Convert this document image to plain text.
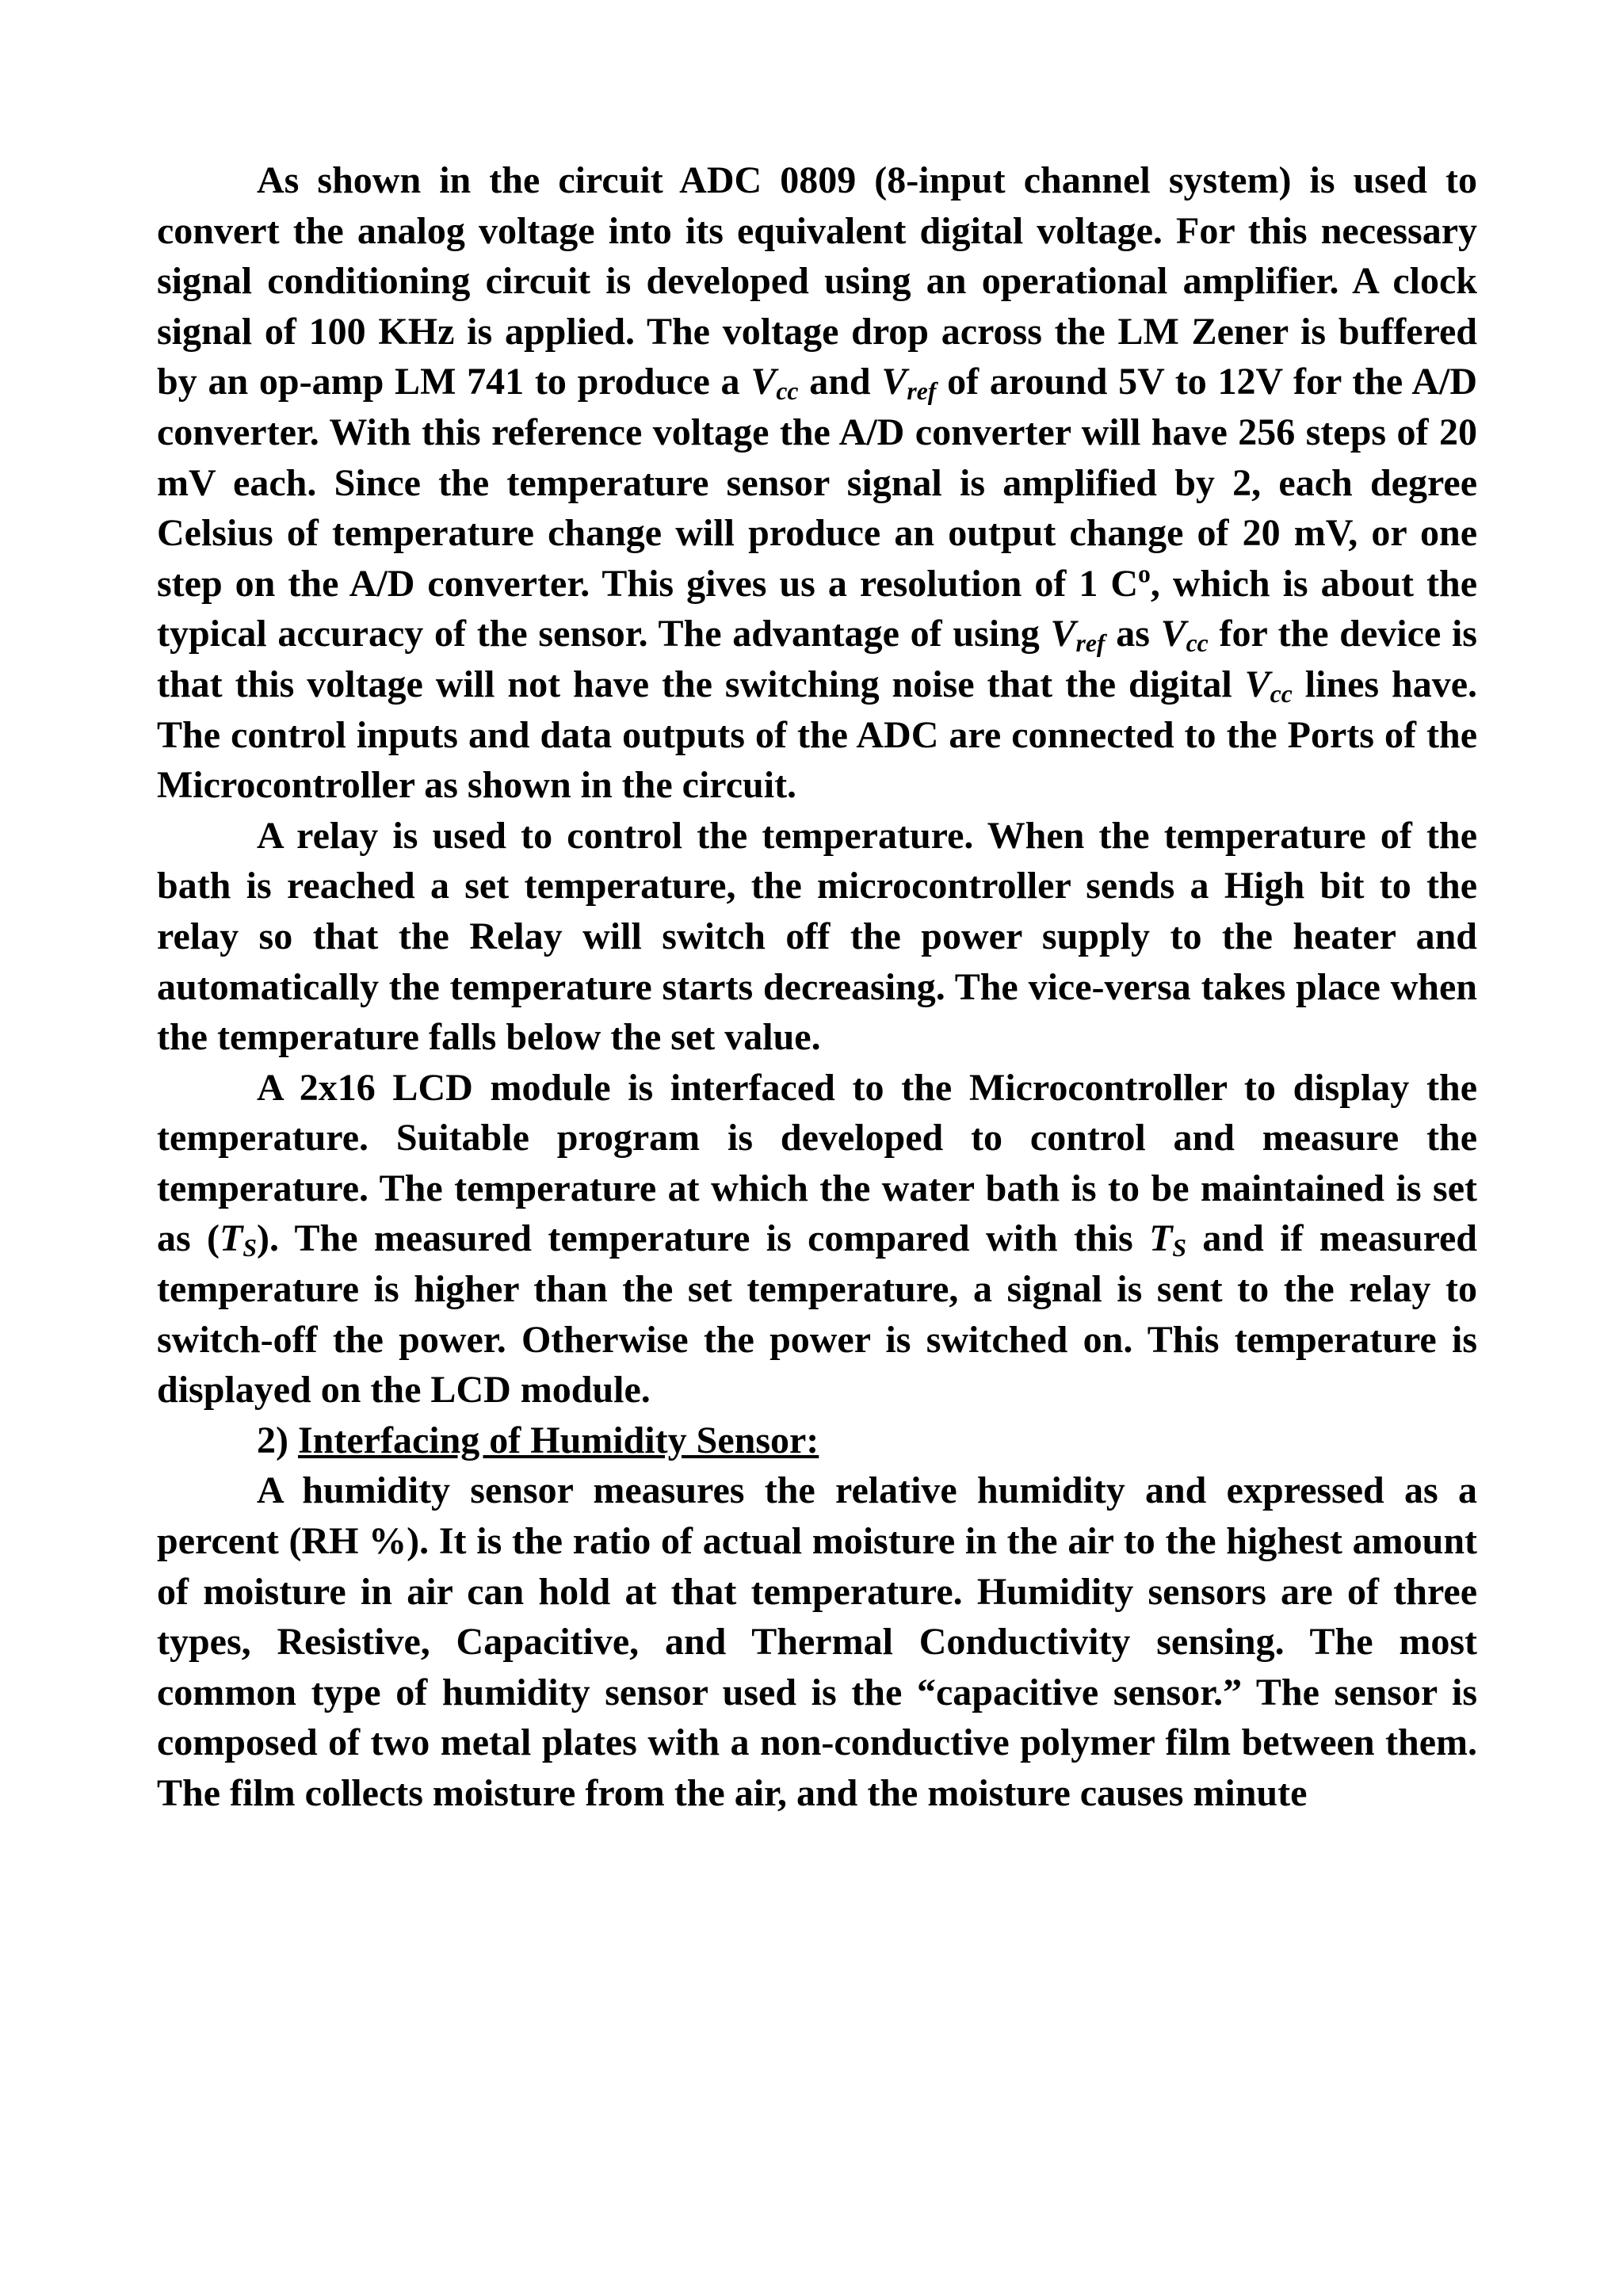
As shown in the circuit ADC 0809 (8-input channel system) is used to convert the analog voltage into its equivalent digital voltage. For this necessary signal conditioning circuit is developed using an operational amplifier. A clock signal of 100 KHz is applied. The voltage drop across the LM Zener is buffered by an op-amp LM 741 to produce a $V_{cc}$ and $V_{ref}$ of around 5V to 12V for the A/D converter. With this reference voltage the A/D converter will have 256 steps of 20 mV each. Since the temperature sensor signal is amplified by 2, each degree Celsius of temperature change will produce an output change of 20 mV, or one step on the A/D converter. This gives us a resolution of 1 $C^o$, which is about the typical accuracy of the sensor. The advantage of using $V_{ref}$ as $V_{cc}$ for the device is that this voltage will not have the switching noise that the digital $V_{cc}$ lines have. The control inputs and data outputs of the ADC are connected to the Ports of the Microcontroller as shown in the circuit.

A relay is used to control the temperature. When the temperature of the bath is reached a set temperature, the microcontroller sends a High bit to the relay so that the Relay will switch off the power supply to the heater and automatically the temperature starts decreasing. The vice-versa takes place when the temperature falls below the set value.

A 2x16 LCD module is interfaced to the Microcontroller to display the temperature. Suitable program is developed to control and measure the temperature. The temperature at which the water bath is to be maintained is set as $(T_S)$. The measured temperature is compared with this $T_S$ and if measured temperature is higher than the set temperature, a signal is sent to the relay to switch-off the power. Otherwise the power is switched on. This temperature is displayed on the LCD module.

2) Interfacing of Humidity Sensor:

A humidity sensor measures the relative humidity and expressed as a percent (RH %). It is the ratio of actual moisture in the air to the highest amount of moisture in air can hold at that temperature. Humidity sensors are of three types, Resistive, Capacitive, and Thermal Conductivity sensing. The most common type of humidity sensor used is the “capacitive sensor.” The sensor is composed of two metal plates with a non-conductive polymer film between them. The film collects moisture from the air, and the moisture causes minute
